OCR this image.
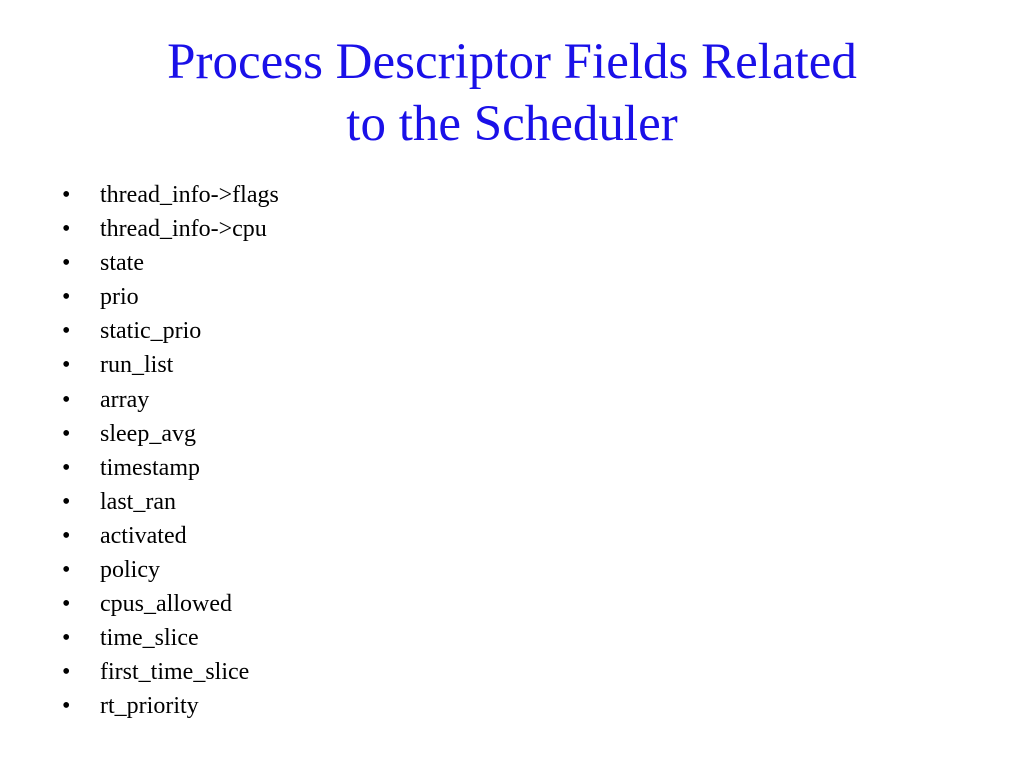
Process Descriptor Fields Related
to the Scheduler
•	thread_info->flags
•	thread_info->cpu
•	state
•	prio
•	static_prio
•	run_list
•	array
•	sleep_avg
•	timestamp
•	last_ran
•	activated
•	policy
•	cpus_allowed
•	time_slice
•	first_time_slice
•	rt_priority
